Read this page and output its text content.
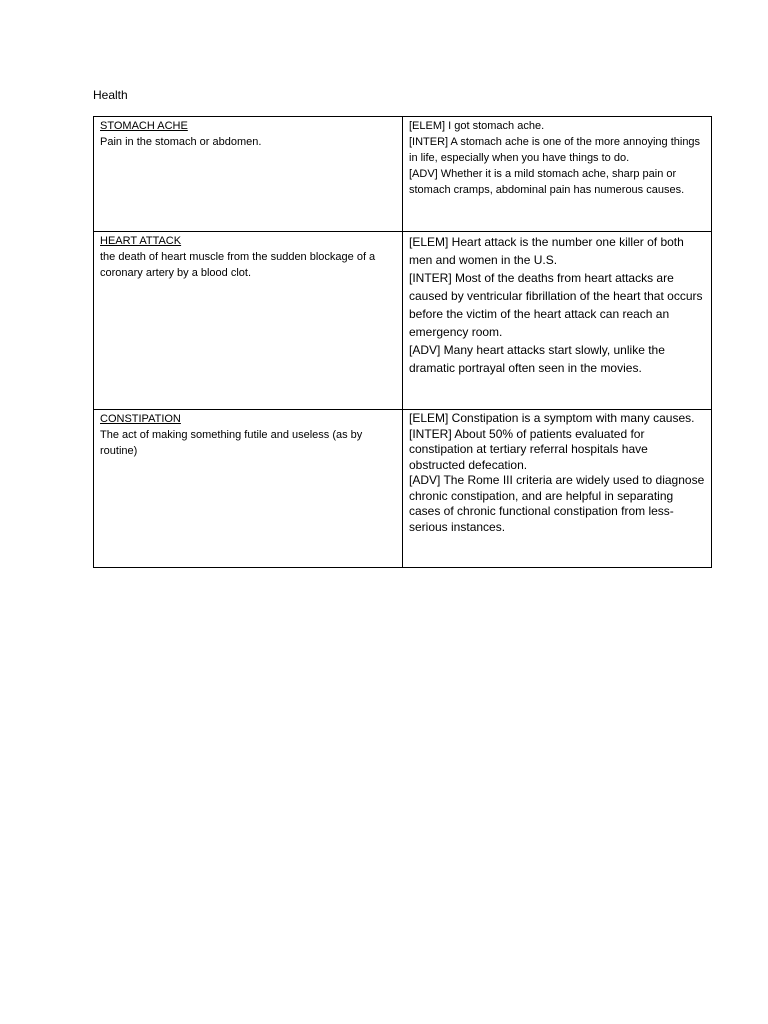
Health
STOMACH ACHE
Pain in the stomach or abdomen.	[ELEM] I got stomach ache.
[INTER] A stomach ache is one of the more annoying things in life, especially when you have things to do.
[ADV] Whether it is a mild stomach ache, sharp pain or stomach cramps, abdominal pain has numerous causes.

HEART ATTACK
the death of heart muscle from the sudden blockage of a coronary artery by a blood clot.	[ELEM] Heart attack is the number one killer of both men and women in the U.S.
[INTER] Most of the deaths from heart attacks are caused by ventricular fibrillation of the heart that occurs before the victim of the heart attack can reach an emergency room.
[ADV] Many heart attacks start slowly, unlike the dramatic portrayal often seen in the movies.

CONSTIPATION
The act of making something futile and useless (as by routine)	[ELEM] Constipation is a symptom with many causes.
[INTER] About 50% of patients evaluated for constipation at tertiary referral hospitals have obstructed defecation.
[ADV] The Rome III criteria are widely used to diagnose chronic constipation, and are helpful in separating cases of chronic functional constipation from less-serious instances.
